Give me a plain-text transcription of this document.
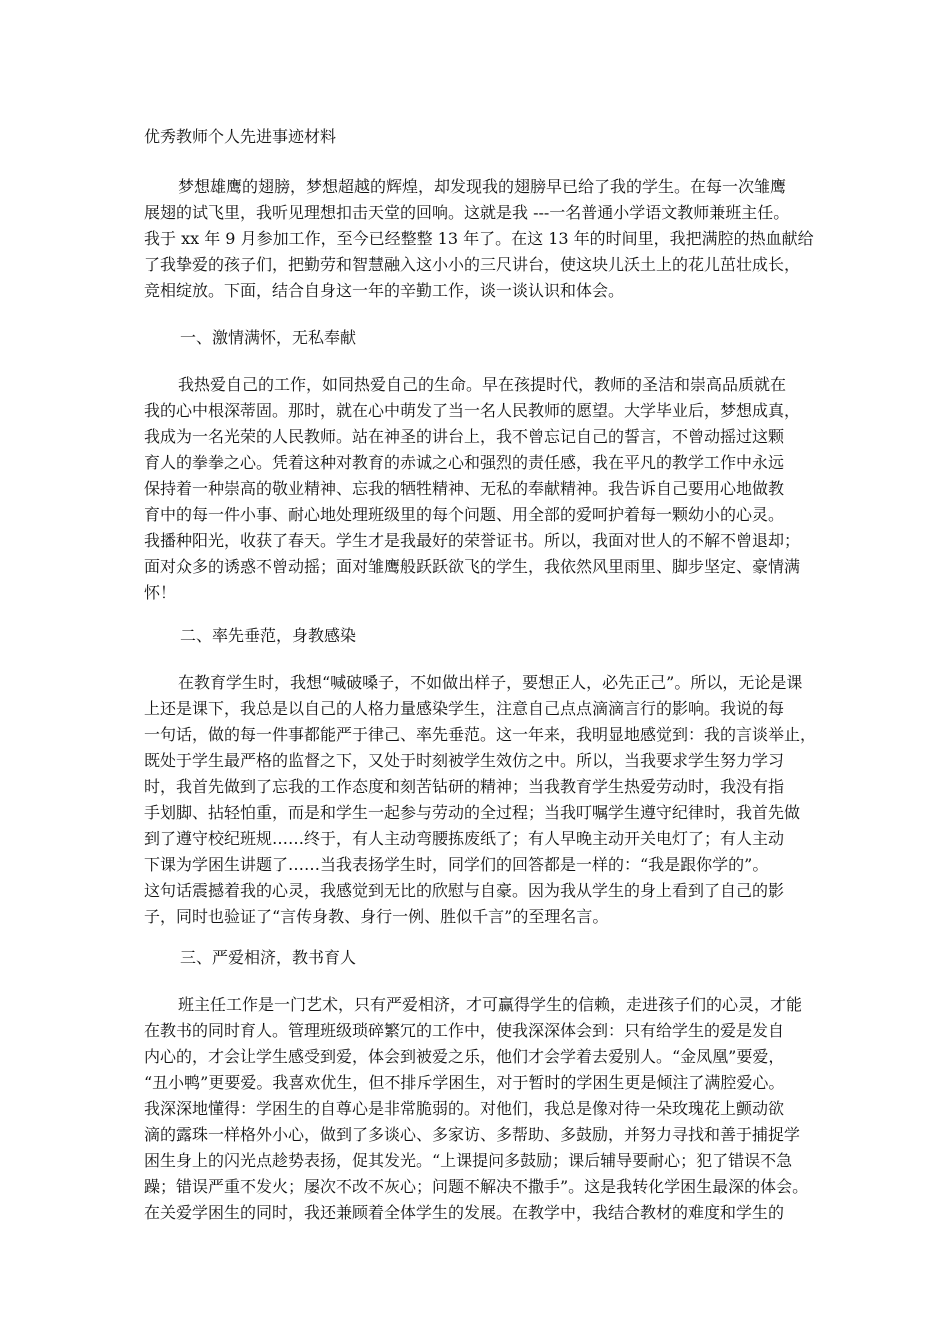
优秀教师个人先进事迹材料
梦想雄鹰的翅膀，梦想超越的辉煌，却发现我的翅膀早已给了我的学生。在每一次雏鹰
展翅的试飞里，我听见理想扣击天堂的回响。这就是我 ---一名普通小学语文教师兼班主任。
我于 xx 年 9 月参加工作，至今已经整整 13 年了。在这 13 年的时间里，我把满腔的热血献给
了我挚爱的孩子们，把勤劳和智慧融入这小小的三尺讲台，使这块儿沃土上的花儿茁壮成长，
竞相绽放。下面，结合自身这一年的辛勤工作，谈一谈认识和体会。
一、激情满怀，无私奉献
我热爱自己的工作，如同热爱自己的生命。早在孩提时代，教师的圣洁和崇高品质就在
我的心中根深蒂固。那时，就在心中萌发了当一名人民教师的愿望。大学毕业后，梦想成真，
我成为一名光荣的人民教师。站在神圣的讲台上，我不曾忘记自己的誓言，不曾动摇过这颗
育人的拳拳之心。凭着这种对教育的赤诚之心和强烈的责任感，我在平凡的教学工作中永远
保持着一种崇高的敬业精神、忘我的牺牲精神、无私的奉献精神。我告诉自己要用心地做教
育中的每一件小事、耐心地处理班级里的每个问题、用全部的爱呵护着每一颗幼小的心灵。
我播种阳光，收获了春天。学生才是我最好的荣誉证书。所以，我面对世人的不解不曾退却；
面对众多的诱惑不曾动摇；面对雏鹰般跃跃欲飞的学生，我依然风里雨里、脚步坚定、豪情满
怀！
二、率先垂范，身教感染
在教育学生时，我想“喊破嗓子，不如做出样子，要想正人，必先正己”。所以，无论是课
上还是课下，我总是以自己的人格力量感染学生，注意自己点点滴滴言行的影响。我说的每
一句话，做的每一件事都能严于律己、率先垂范。这一年来，我明显地感觉到：我的言谈举止，
既处于学生最严格的监督之下，又处于时刻被学生效仿之中。所以，当我要求学生努力学习
时，我首先做到了忘我的工作态度和刻苦钻研的精神；当我教育学生热爱劳动时，我没有指
手划脚、拈轻怕重，而是和学生一起参与劳动的全过程；当我叮嘱学生遵守纪律时，我首先做
到了遵守校纪班规……终于，有人主动弯腰拣废纸了；有人早晚主动开关电灯了；有人主动
下课为学困生讲题了……当我表扬学生时，同学们的回答都是一样的：“我是跟你学的”。
这句话震撼着我的心灵，我感觉到无比的欣慰与自豪。因为我从学生的身上看到了自己的影
子，同时也验证了“言传身教、身行一例、胜似千言”的至理名言。
三、严爱相济，教书育人
班主任工作是一门艺术，只有严爱相济，才可赢得学生的信赖，走进孩子们的心灵，才能
在教书的同时育人。管理班级琐碎繁冗的工作中，使我深深体会到：只有给学生的爱是发自
内心的，才会让学生感受到爱，体会到被爱之乐，他们才会学着去爱别人。“金凤凰”要爱，
“丑小鸭”更要爱。我喜欢优生，但不排斥学困生，对于暂时的学困生更是倾注了满腔爱心。
我深深地懂得：学困生的自尊心是非常脆弱的。对他们，我总是像对待一朵玫瑰花上颤动欲
滴的露珠一样格外小心，做到了多谈心、多家访、多帮助、多鼓励，并努力寻找和善于捕捉学
困生身上的闪光点趁势表扬，促其发光。“上课提问多鼓励；课后辅导要耐心；犯了错误不急
躁；错误严重不发火；屡次不改不灰心；问题不解决不撒手”。这是我转化学困生最深的体会。
在关爱学困生的同时，我还兼顾着全体学生的发展。在教学中，我结合教材的难度和学生的
